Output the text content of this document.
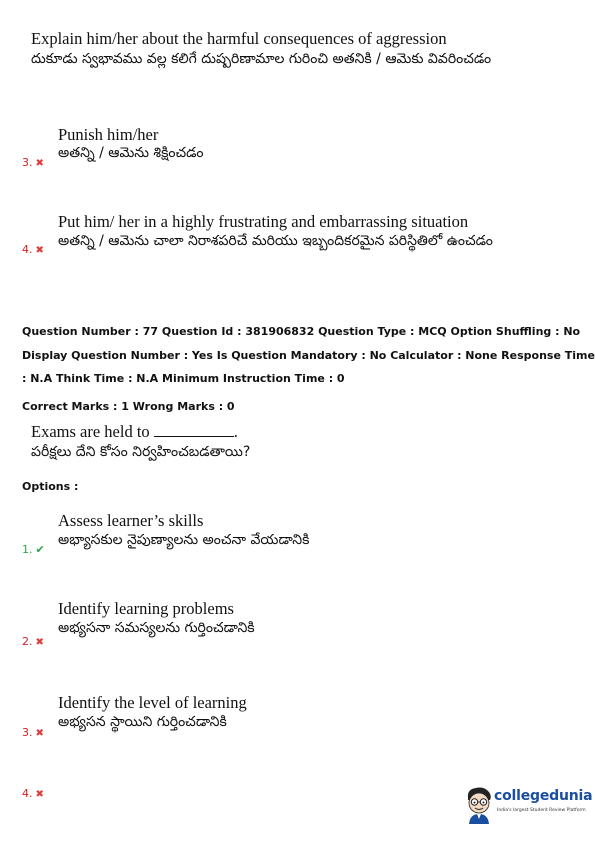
Explain him/her about the harmful consequences of aggression
దుకూడు స్వభావము వల్ల కలిగే దుష్పరిణామాల గురించి అతనికి / ఆమెకు వివరించడం
Punish him/her
అతన్ని / ఆమెను శిక్షించడం
3. ✖
Put him/ her in a highly frustrating and embarrassing situation
అతన్ని / ఆమెను చాలా నిరాశపరిచే మరియు ఇబ్బందికరమైన పరిస్థితిలో ఉంచడం
4. ✖
Question Number : 77 Question Id : 381906832 Question Type : MCQ Option Shuffling : No
Display Question Number : Yes Is Question Mandatory : No Calculator : None Response Time
: N.A Think Time : N.A Minimum Instruction Time : 0
Correct Marks : 1 Wrong Marks : 0
Exams are held to	.
పరీక్షలు దేని కోసం నిర్వహించబడతాయి?
Options :
Assess learner’s skills
అభ్యాసకుల నైపుణ్యాలను అంచనా వేయడానికి
1. ✔
Identify learning problems
అభ్యసనా సమస్యలను గుర్తించడానికి
2. ✖
Identify the level of learning
అభ్యసన స్థాయిని గుర్తించడానికి
3. ✖
4. ✖	collegedunia
India's largest Student Review Platform
